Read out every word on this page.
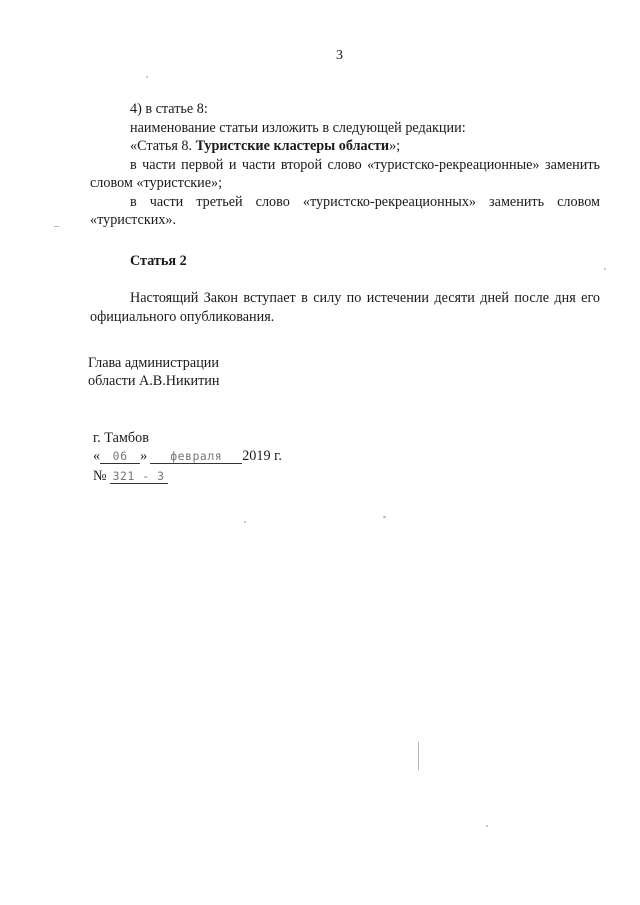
3

4) в статье 8:

наименование статьи изложить в следующей редакции:

«Статья 8. Туристские кластеры области»;

в части первой и части второй слово «туристско-рекреационные» заменить словом «туристские»;

в части третьей слово «туристско-рекреационных» заменить словом «туристских».

Статья 2

Настоящий Закон вступает в силу по истечении десяти дней после дня его официального опубликования.

Глава администрации
области А.В.Никитин
г. Тамбов
« 06 » февраля 2019 г.
№ 321 - З
